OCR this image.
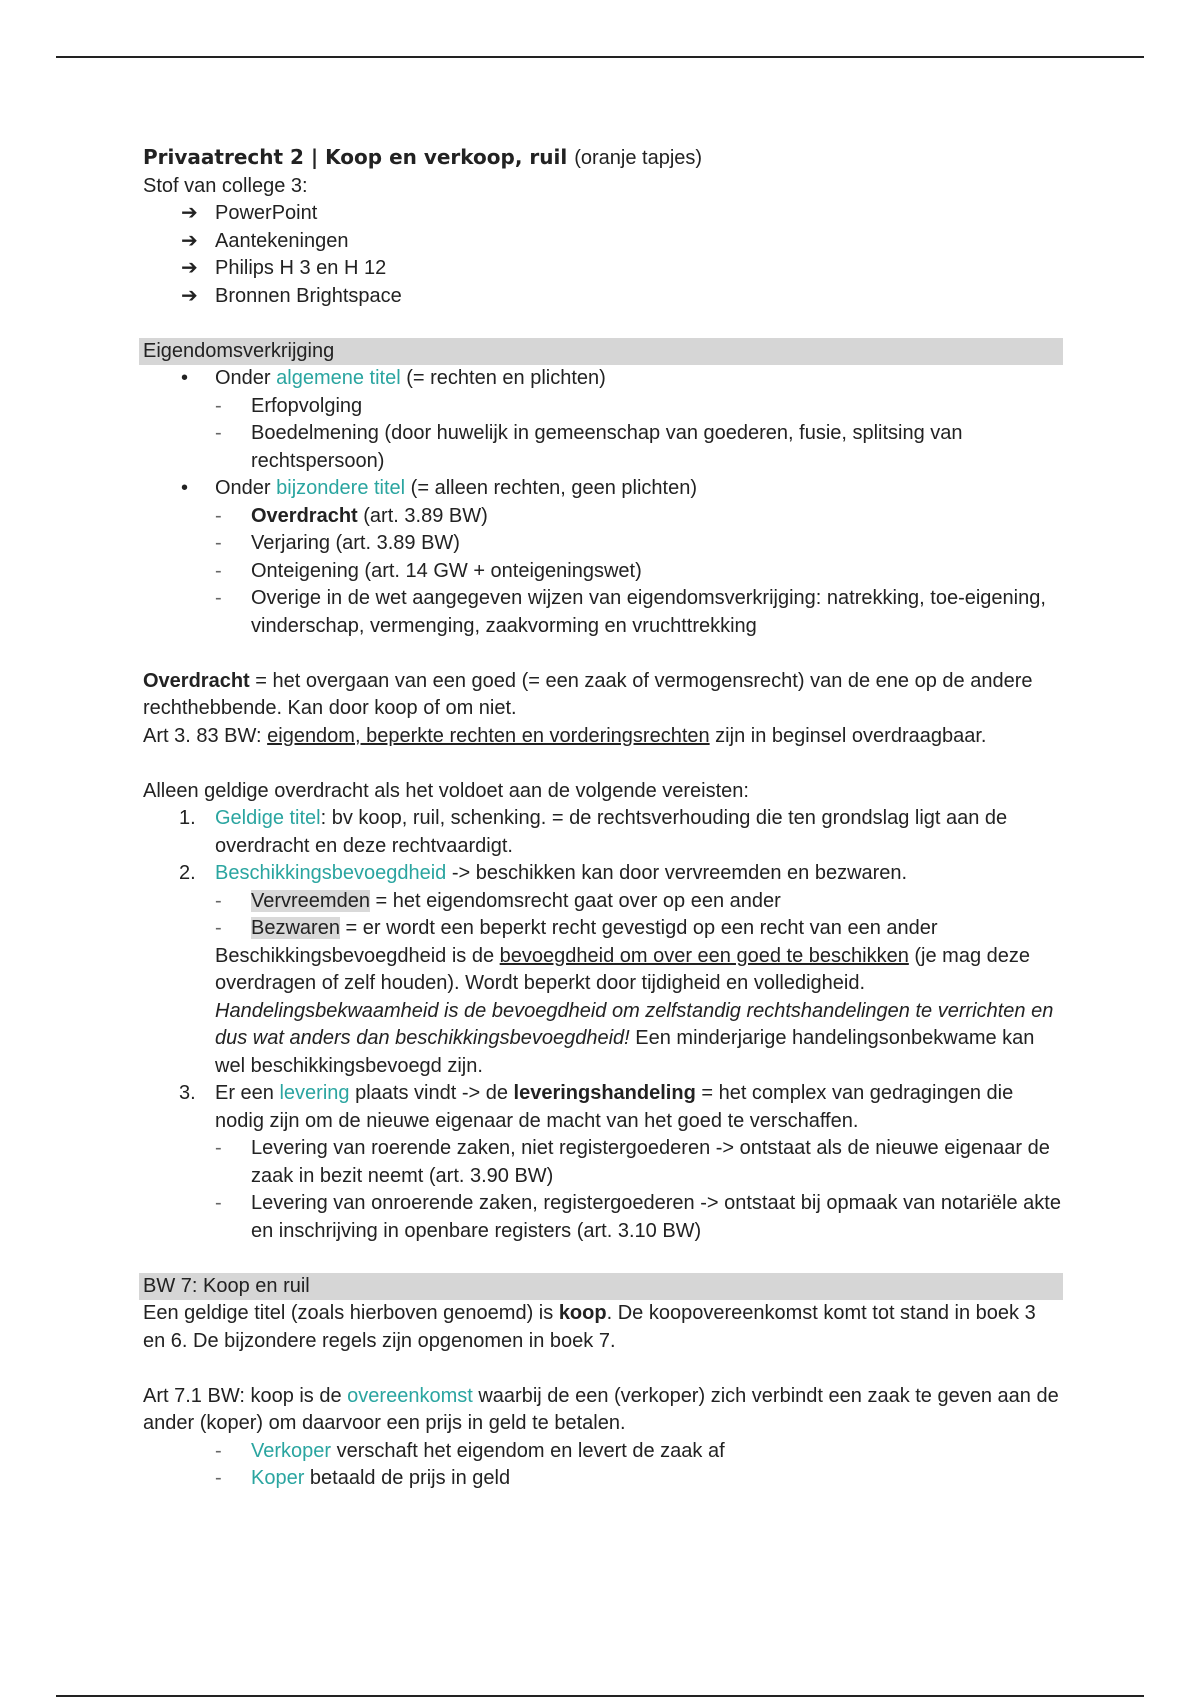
Privaatrecht 2 | Koop en verkoop, ruil (oranje tapjes)

Stof van college 3:

➔ PowerPoint
➔ Aantekeningen
➔ Philips H 3 en H 12
➔ Bronnen Brightspace

Eigendomsverkrijging

• Onder algemene titel (= rechten en plichten)
- Erfopvolging
- Boedelmening (door huwelijk in gemeenschap van goederen, fusie, splitsing van rechtspersoon)
• Onder bijzondere titel (= alleen rechten, geen plichten)
- Overdracht (art. 3.89 BW)
- Verjaring (art. 3.89 BW)
- Onteigening (art. 14 GW + onteigeningswet)
- Overige in de wet aangegeven wijzen van eigendomsverkrijging: natrekking, toe-eigening, vinderschap, vermenging, zaakvorming en vruchttrekking

Overdracht = het overgaan van een goed (= een zaak of vermogensrecht) van de ene op de andere rechthebbende. Kan door koop of om niet.

Art 3. 83 BW: eigendom, beperkte rechten en vorderingsrechten zijn in beginsel overdraagbaar.

Alleen geldige overdracht als het voldoet aan de volgende vereisten:

1. Geldige titel: bv koop, ruil, schenking. = de rechtsverhouding die ten grondslag ligt aan de overdracht en deze rechtvaardigt.
2. Beschikkingsbevoegdheid -> beschikken kan door vervreemden en bezwaren.
- Vervreemden = het eigendomsrecht gaat over op een ander
- Bezwaren = er wordt een beperkt recht gevestigd op een recht van een ander
Beschikkingsbevoegdheid is de bevoegdheid om over een goed te beschikken (je mag deze overdragen of zelf houden). Wordt beperkt door tijdigheid en volledigheid. Handelingsbekwaamheid is de bevoegdheid om zelfstandig rechtshandelingen te verrichten en dus wat anders dan beschikkingsbevoegdheid! Een minderjarige handelingsonbekwame kan wel beschikkingsbevoegd zijn.
3. Er een levering plaats vindt -> de leveringshandeling = het complex van gedragingen die nodig zijn om de nieuwe eigenaar de macht van het goed te verschaffen.
- Levering van roerende zaken, niet registergoederen -> ontstaat als de nieuwe eigenaar de zaak in bezit neemt (art. 3.90 BW)
- Levering van onroerende zaken, registergoederen -> ontstaat bij opmaak van notariële akte en inschrijving in openbare registers (art. 3.10 BW)

BW 7: Koop en ruil

Een geldige titel (zoals hierboven genoemd) is koop. De koopovereenkomst komt tot stand in boek 3 en 6. De bijzondere regels zijn opgenomen in boek 7.

Art 7.1 BW: koop is de overeenkomst waarbij de een (verkoper) zich verbindt een zaak te geven aan de ander (koper) om daarvoor een prijs in geld te betalen.

- Verkoper verschaft het eigendom en levert de zaak af
- Koper betaald de prijs in geld
